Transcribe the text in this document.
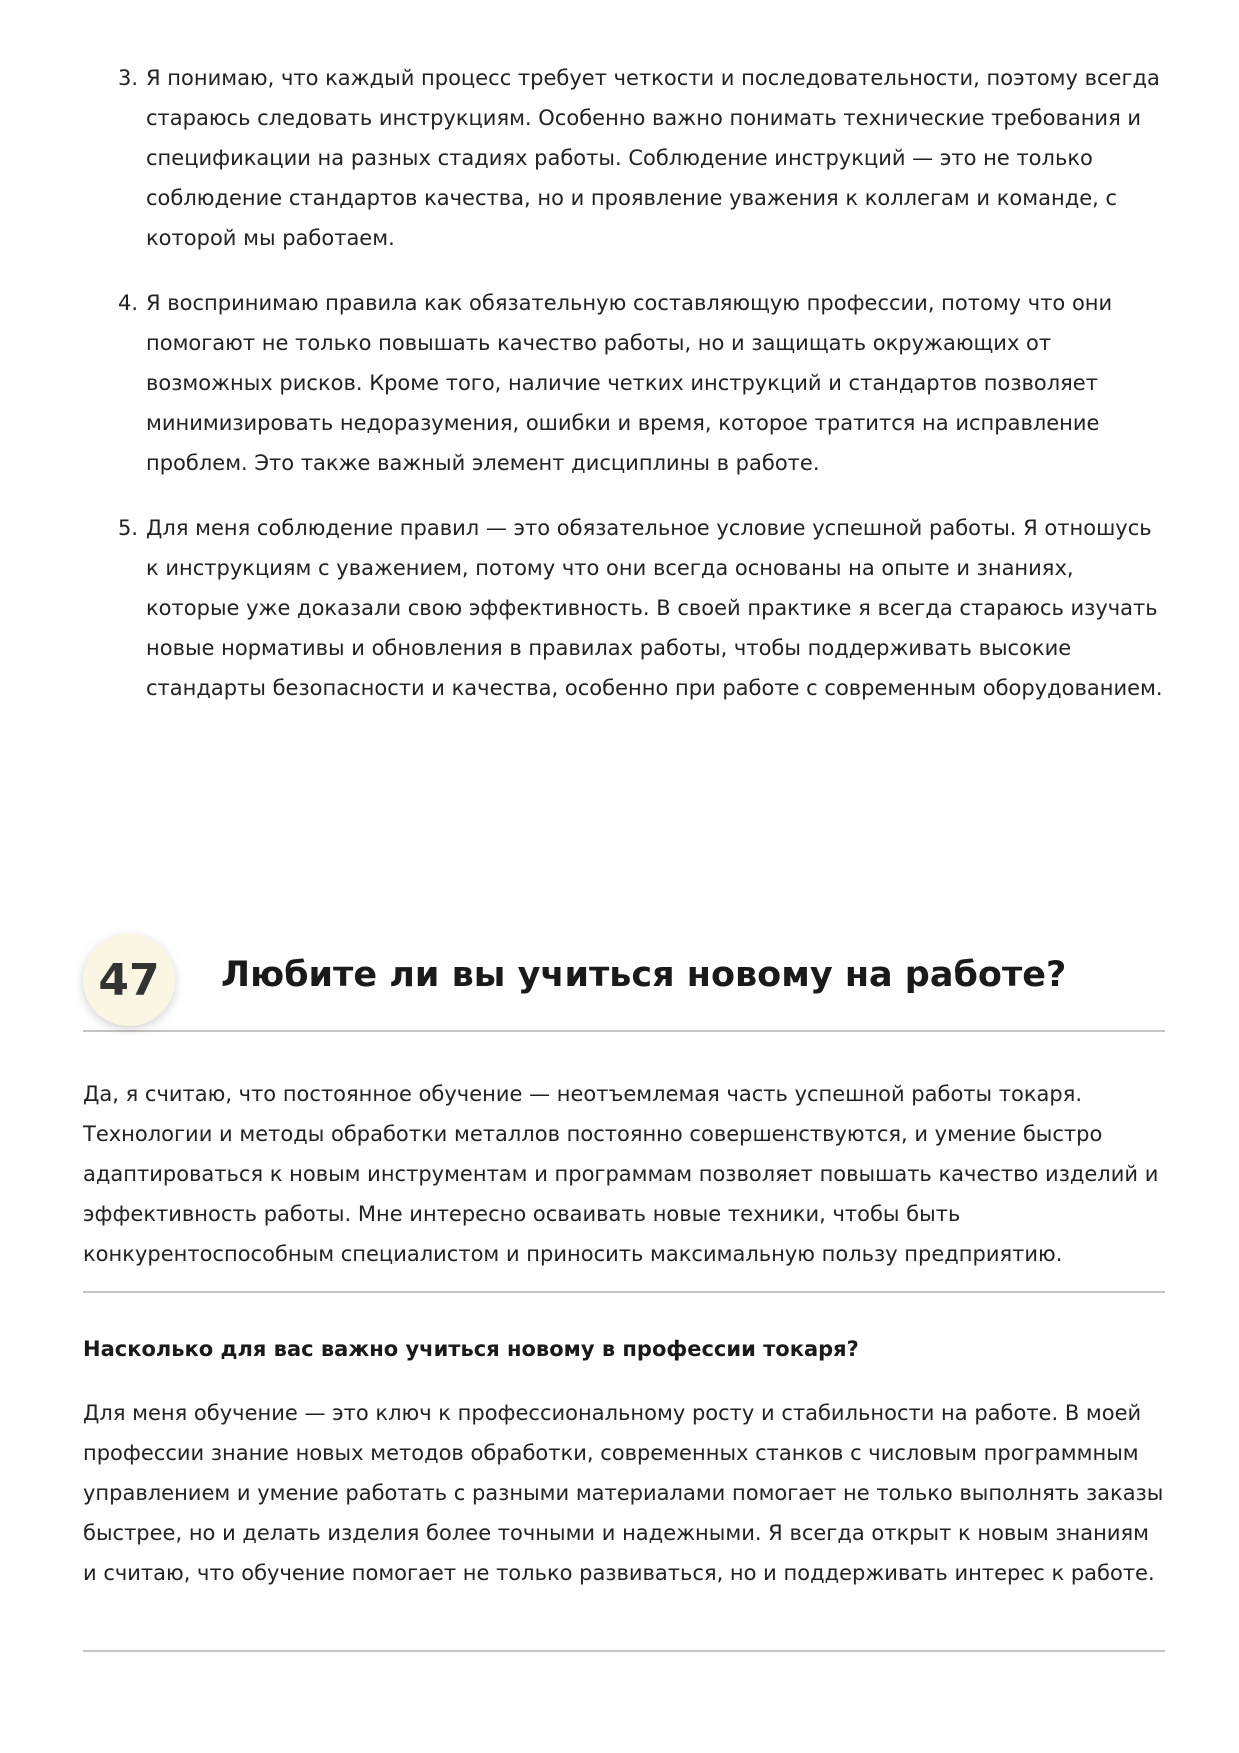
3. Я понимаю, что каждый процесс требует четкости и последовательности, поэтому всегда стараюсь следовать инструкциям. Особенно важно понимать технические требования и спецификации на разных стадиях работы. Соблюдение инструкций — это не только соблюдение стандартов качества, но и проявление уважения к коллегам и команде, с которой мы работаем.
4. Я воспринимаю правила как обязательную составляющую профессии, потому что они помогают не только повышать качество работы, но и защищать окружающих от возможных рисков. Кроме того, наличие четких инструкций и стандартов позволяет минимизировать недоразумения, ошибки и время, которое тратится на исправление проблем. Это также важный элемент дисциплины в работе.
5. Для меня соблюдение правил — это обязательное условие успешной работы. Я отношусь к инструкциям с уважением, потому что они всегда основаны на опыте и знаниях, которые уже доказали свою эффективность. В своей практике я всегда стараюсь изучать новые нормативы и обновления в правилах работы, чтобы поддерживать высокие стандарты безопасности и качества, особенно при работе с современным оборудованием.
47	Любите ли вы учиться новому на работе?

Да, я считаю, что постоянное обучение — неотъемлемая часть успешной работы токаря. Технологии и методы обработки металлов постоянно совершенствуются, и умение быстро адаптироваться к новым инструментам и программам позволяет повышать качество изделий и эффективность работы. Мне интересно осваивать новые техники, чтобы быть конкурентоспособным специалистом и приносить максимальную пользу предприятию.

Насколько для вас важно учиться новому в профессии токаря?

Для меня обучение — это ключ к профессиональному росту и стабильности на работе. В моей профессии знание новых методов обработки, современных станков с числовым программным управлением и умение работать с разными материалами помогает не только выполнять заказы быстрее, но и делать изделия более точными и надежными. Я всегда открыт к новым знаниям и считаю, что обучение помогает не только развиваться, но и поддерживать интерес к работе.
